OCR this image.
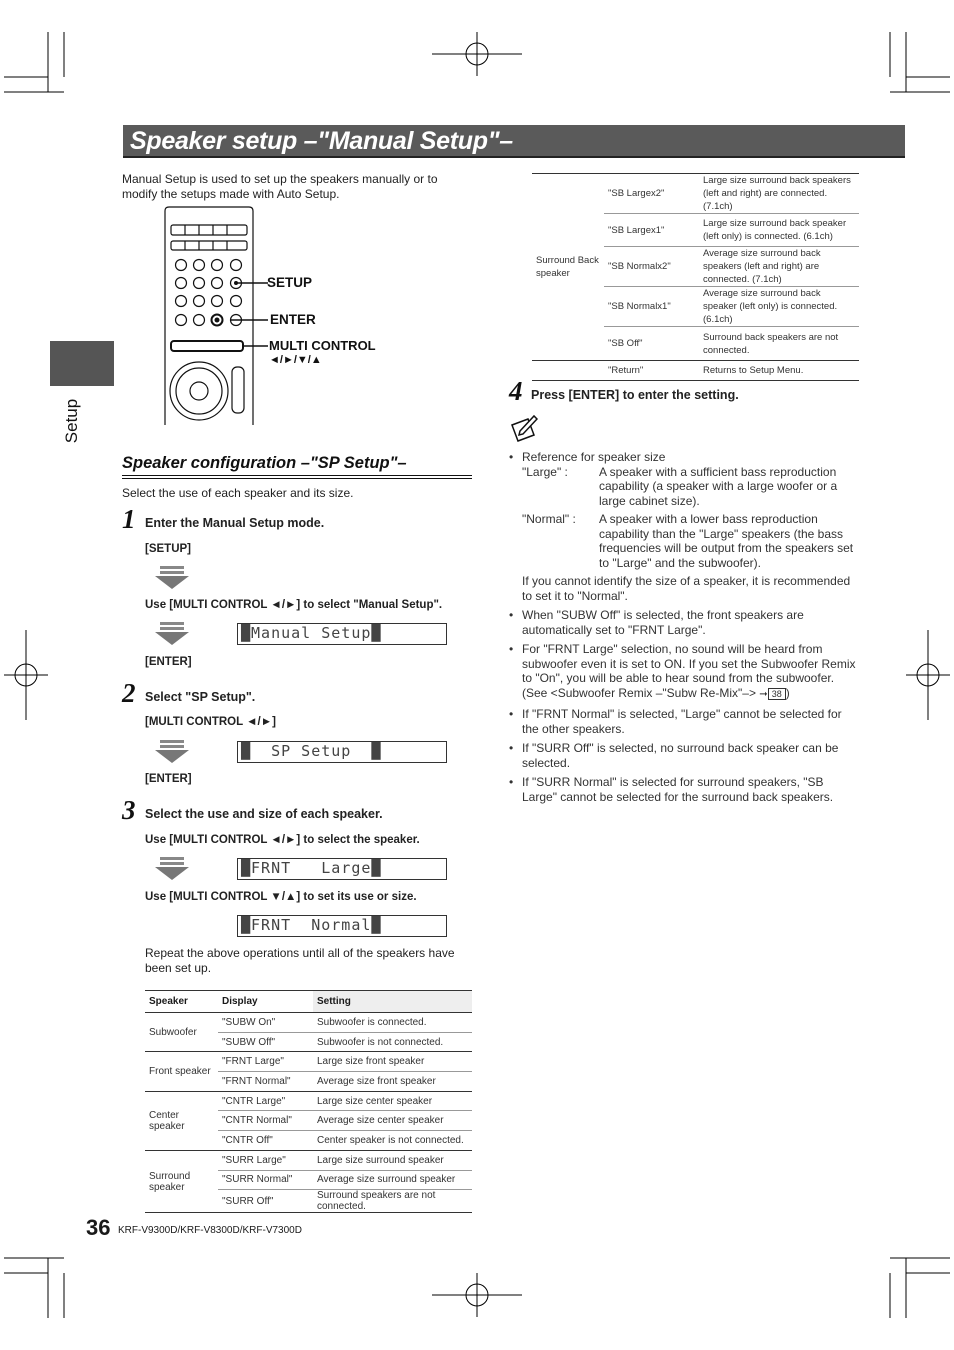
Speaker setup –"Manual Setup"–
Setup
Manual Setup is used to set up the speakers manually or to modify the setups made with Auto Setup.
SETUP
ENTER
MULTI CONTROL
◄/►/▼/▲
Speaker configuration –"SP Setup"–
Select the use of each speaker and its size.
1 Enter the Manual Setup mode.
[SETUP]
Use [MULTI CONTROL ◄/►] to select "Manual Setup".
█Manual Setup█
[ENTER]
2 Select "SP Setup".
[MULTI CONTROL ◄/►]
█  SP Setup  █
[ENTER]
3 Select the use and size of each speaker.
Use [MULTI CONTROL ◄/►] to select the speaker.
█FRNT   Large█
Use [MULTI CONTROL ▼/▲] to set its use or size.
█FRNT  Normal█
Repeat the above operations until all of the speakers have been set up.
Speaker	Display	Setting
Subwoofer	"SUBW On"	Subwoofer is connected.
	"SUBW Off"	Subwoofer is not connected.
Front speaker	"FRNT Large"	Large size front speaker
	"FRNT Normal"	Average size front speaker
Center speaker	"CNTR Large"	Large size center speaker
	"CNTR Normal"	Average size center speaker
	"CNTR Off"	Center speaker is not connected.
Surround speaker	"SURR Large"	Large size surround speaker
	"SURR Normal"	Average size surround speaker
	"SURR Off"	Surround speakers are not connected.
Surround Back speaker	"SB Largex2"	Large size surround back speakers (left and right) are connected. (7.1ch)
	"SB Largex1"	Large size surround back speaker (left only) is connected. (6.1ch)
	"SB Normalx2"	Average size surround back speakers (left and right) are connected. (7.1ch)
	"SB Normalx1"	Average size surround back speaker (left only) is connected. (6.1ch)
	"SB Off"	Surround back speakers are not connected.
	"Return"	Returns to Setup Menu.
4 Press [ENTER] to enter the setting.
• Reference for speaker size
"Large" :	A speaker with a sufficient bass reproduction capability (a speaker with a large woofer or a large cabinet size).
"Normal" : A speaker with a lower bass reproduction capability than the "Large" speakers (the bass frequencies will be output from the speakers set to "Large" and the subwoofer).
If you cannot identify the size of a speaker, it is recommended to set it to "Normal".
• When "SUBW Off" is selected, the front speakers are automatically set to "FRNT Large".
• For "FRNT Large" selection, no sound will be heard from subwoofer even it is set to ON. If you set the Subwoofer Remix to "On", you will be able to hear sound from the subwoofer. (See <Subwoofer Remix –"Subw Re-Mix"–> ➞ 38 )
• If "FRNT Normal" is selected, "Large" cannot be selected for the other speakers.
• If "SURR Off" is selected, no surround back speaker can be selected.
• If "SURR Normal" is selected for surround speakers, "SB Large" cannot be selected for the surround back speakers.
36 KRF-V9300D/KRF-V8300D/KRF-V7300D
